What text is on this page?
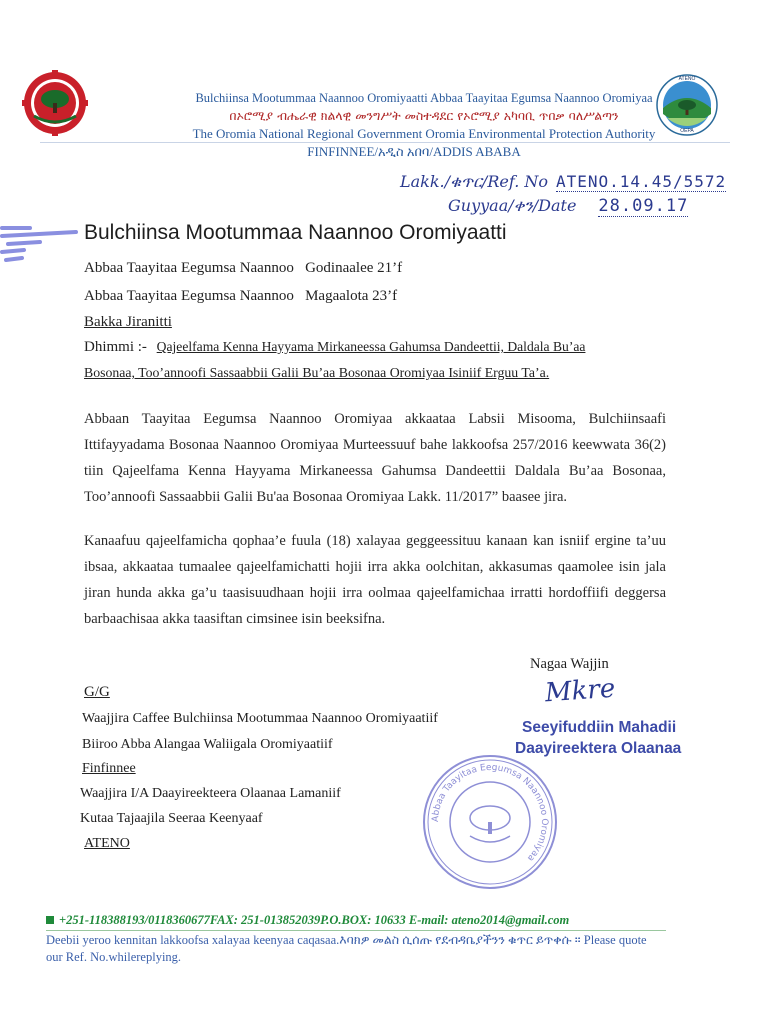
ATENO
OEPA
Bulchiinsa Mootummaa Naannoo Oromiyaatti Abbaa Taayitaa Egumsa Naannoo Oromiyaa
በኦሮሚያ ብሔራዊ ክልላዊ መንግሥት መስተዳደር የኦሮሚያ አካባቢ ጥበቃ ባለሥልጣን
The Oromia National Regional Government Oromia Environmental Protection Authority
FINFINNEE/አዲስ አበባ/ADDIS ABABA
Lakk./ቁጥር/Ref. No ATENO.14.45/5572
Guyyaa/ቀን/Date 28.09.17
Bulchiinsa Mootummaa Naannoo Oromiyaatti
Abbaa Taayitaa Eegumsa Naannoo   Godinaalee 21’f
Abbaa Taayitaa Eegumsa Naannoo   Magaalota 23’f
Bakka Jiranitti
Dhimmi :- Qajeelfama Kenna Hayyama Mirkaneessa Gahumsa Dandeettii, Daldala Bu’aa
Bosonaa, Too’annoofi Sassaabbii Galii Bu’aa Bosonaa Oromiyaa Isiniif Erguu Ta’a.
Abbaan Taayitaa Eegumsa Naannoo Oromiyaa akkaataa Labsii Misooma, Bulchiinsaafi Ittifayyadama Bosonaa Naannoo Oromiyaa Murteessuuf bahe lakkoofsa 257/2016 keewwata 36(2) tiin Qajeelfama Kenna Hayyama Mirkaneessa Gahumsa Dandeettii Daldala Bu’aa Bosonaa, Too’annoofi Sassaabbii Galii Bu'aa Bosonaa Oromiyaa Lakk. 11/2017” baasee jira.
Kanaafuu qajeelfamicha qophaa’e fuula (18) xalayaa geggeessituu kanaan kan isniif ergine ta’uu ibsaa, akkaataa tumaalee qajeelfamichatti hojii irra akka oolchitan, akkasumas qaamolee isin jala jiran hunda akka ga’u taasisuudhaan hojii irra oolmaa qajeelfamichaa irratti hordoffiifi deggersa barbaachisaa akka taasiftan cimsinee isin beeksifna.
Nagaa Wajjin
Mkre
Seeyifuddiin Mahadii
Daayireektera Olaanaa
G/G
Waajjira Caffee Bulchiinsa Mootummaa Naannoo Oromiyaatiif
Biiroo Abba Alangaa Waliigala Oromiyaatiif
Finfinnee
Waajjira I/A Daayireekteera Olaanaa Lamaniif
Kutaa Tajaajila Seeraa Keenyaaf
ATENO
Abbaa Taayitaa Eegumsa Naannoo Oromiyaa
+251-118388193/0118360677FAX: 251-013852039P.O.BOX: 10633 E-mail: ateno2014@gmail.com
Deebii yeroo kennitan lakkoofsa xalayaa keenyaa caqasaa.እባክዎ መልስ ሲሰጡ የደብዳቤያችንን ቁጥር ይጥቀሱ ። Please quote our Ref. No.whilereplying.
